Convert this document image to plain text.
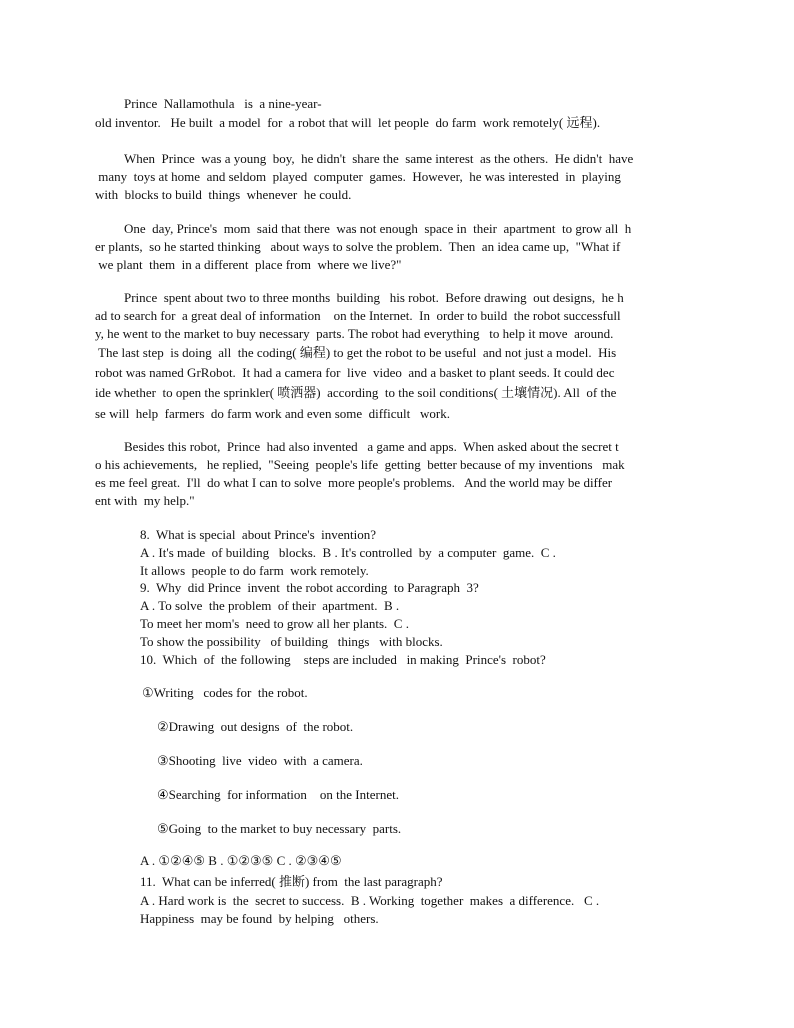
Prince  Nallamothula   is  a nine-year-
old inventor.   He built  a model  for  a robot that will  let people  do farm  work remotely( 远程).
When  Prince  was a young  boy,  he didn't  share the  same interest  as the others.  He didn't  have
many  toys at home  and seldom  played  computer  games.  However,  he was interested  in  playing
with  blocks to build  things  whenever  he could.
One  day, Prince's  mom  said that there  was not enough  space in  their  apartment  to grow all  h
er plants,  so he started thinking   about ways to solve the problem.  Then  an idea came up,  "What if
we plant  them  in a different  place from  where we live?"
Prince  spent about two to three months  building   his robot.  Before drawing  out designs,  he h
ad to search for  a great deal of information    on the Internet.  In  order to build  the robot successfull
y, he went to the market to buy necessary  parts. The robot had everything   to help it move  around.
The last step  is doing  all  the coding( 编程) to get the robot to be useful  and not just a model.  His
robot was named GrRobot.  It had a camera for  live  video  and a basket to plant seeds. It could dec
ide whether  to open the sprinkler( 喷洒器)  according  to the soil conditions( 土壤情况). All  of the
se will  help  farmers  do farm work and even some  difficult   work.
Besides this robot,  Prince  had also invented   a game and apps.  When asked about the secret t
o his achievements,   he replied,  "Seeing  people's life  getting  better because of my inventions   mak
es me feel great.  I'll  do what I can to solve  more people's problems.   And the world may be differ
ent with  my help."
8.  What is special  about Prince's  invention?
A . It's made  of building   blocks.  B . It's controlled  by  a computer  game.  C .
It allows  people to do farm  work remotely.
9.  Why  did Prince  invent  the robot according  to Paragraph  3?
A . To solve  the problem  of their  apartment.  B .
To meet her mom's  need to grow all her plants.  C .
To show the possibility   of building   things   with blocks.
10.  Which  of  the following    steps are included   in making  Prince's  robot?
①Writing   codes for  the robot.
②Drawing  out designs  of  the robot.
③Shooting  live  video  with  a camera.
④Searching  for information    on the Internet.
⑤Going  to the market to buy necessary  parts.
A . ①②④⑤ B . ①②③⑤ C . ②③④⑤
11.  What can be inferred( 推断) from  the last paragraph?
A . Hard work is  the  secret to success.  B . Working  together  makes  a difference.   C .
Happiness  may be found  by helping   others.
